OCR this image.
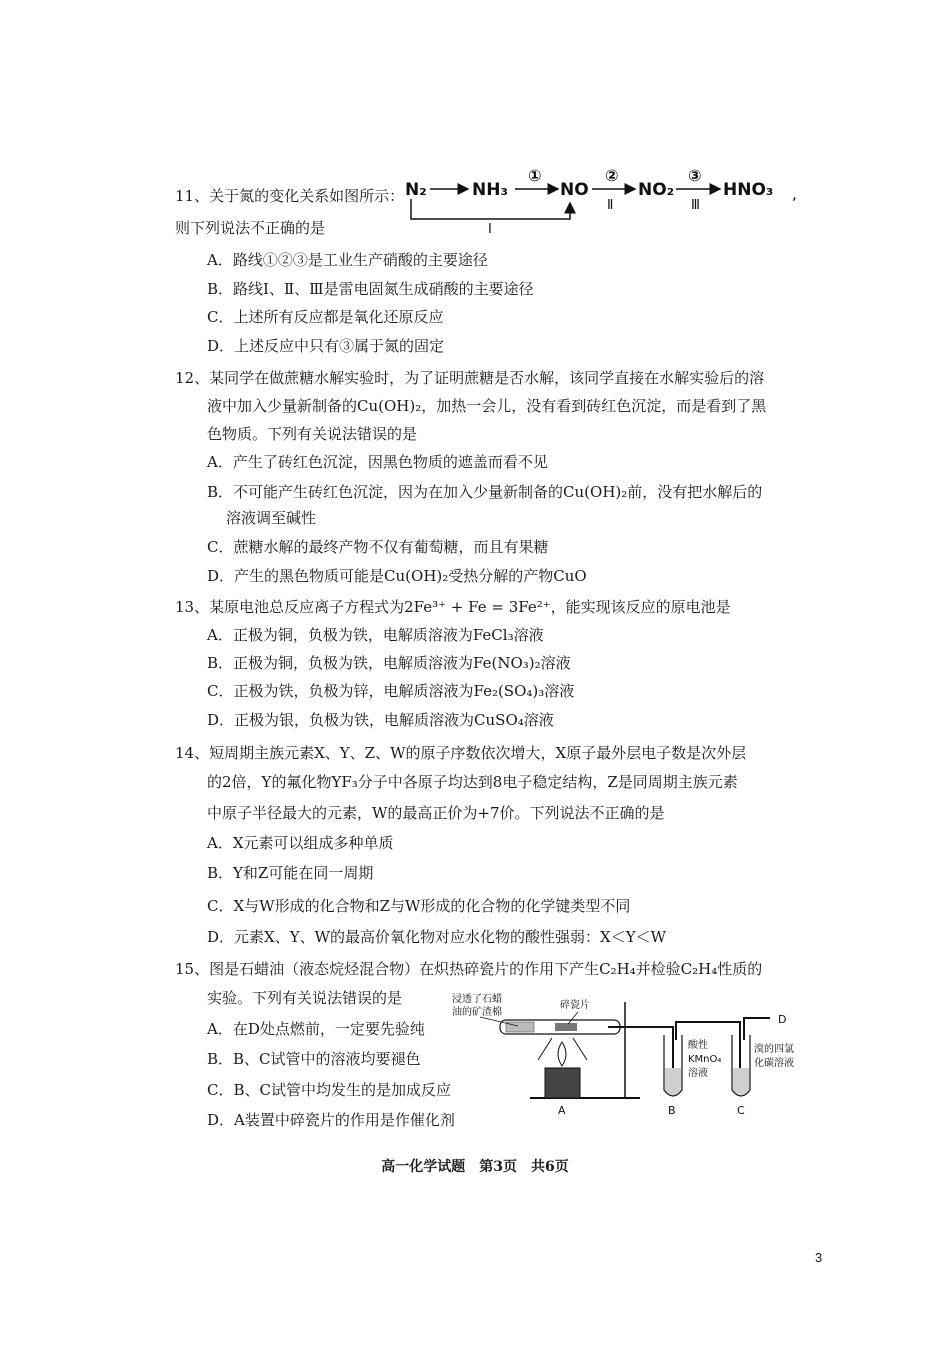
11、关于氮的变化关系如图所示： N₂	NH₃
①
NO
②
Ⅱ
NO₂
③
Ⅲ
HNO₃ ,
Ⅰ
则下列说法不正确的是
A．路线①②③是工业生产硝酸的主要途径
B．路线Ⅰ、Ⅱ、Ⅲ是雷电固氮生成硝酸的主要途径
C．上述所有反应都是氧化还原反应
D．上述反应中只有③属于氮的固定
12、某同学在做蔗糖水解实验时，为了证明蔗糖是否水解，该同学直接在水解实验后的溶
液中加入少量新制备的Cu(OH)₂，加热一会儿，没有看到砖红色沉淀，而是看到了黑
色物质。下列有关说法错误的是
A．产生了砖红色沉淀，因黑色物质的遮盖而看不见
B．不可能产生砖红色沉淀，因为在加入少量新制备的Cu(OH)₂前，没有把水解后的
溶液调至碱性
C．蔗糖水解的最终产物不仅有葡萄糖，而且有果糖
D．产生的黑色物质可能是Cu(OH)₂受热分解的产物CuO
13、某原电池总反应离子方程式为2Fe³⁺ + Fe = 3Fe²⁺，能实现该反应的原电池是
A．正极为铜，负极为铁，电解质溶液为FeCl₃溶液
B．正极为铜，负极为铁，电解质溶液为Fe(NO₃)₂溶液
C．正极为铁，负极为锌，电解质溶液为Fe₂(SO₄)₃溶液
D．正极为银，负极为铁，电解质溶液为CuSO₄溶液
14、短周期主族元素X、Y、Z、W的原子序数依次增大，X原子最外层电子数是次外层
的2倍，Y的氟化物YF₃分子中各原子均达到8电子稳定结构，Z是同周期主族元素
中原子半径最大的元素，W的最高正价为+7价。下列说法不正确的是
A．X元素可以组成多种单质
B．Y和Z可能在同一周期
C．X与W形成的化合物和Z与W形成的化合物的化学键类型不同
D．元素X、Y、W的最高价氧化物对应水化物的酸性强弱：X＜Y＜W
15、图是石蜡油（液态烷烃混合物）在炽热碎瓷片的作用下产生C₂H₄并检验C₂H₄性质的
实验。下列有关说法错误的是
A．在D处点燃前，一定要先验纯
B．B、C试管中的溶液均要褪色
C．B、C试管中均发生的是加成反应
D．A装置中碎瓷片的作用是作催化剂
浸透了石蜡
油的矿渣棉
碎瓷片
A
D
B
酸性
KMnO₄
溶液
C
溴的四氯
化碳溶液
高一化学试题　第3页　共6页
3
